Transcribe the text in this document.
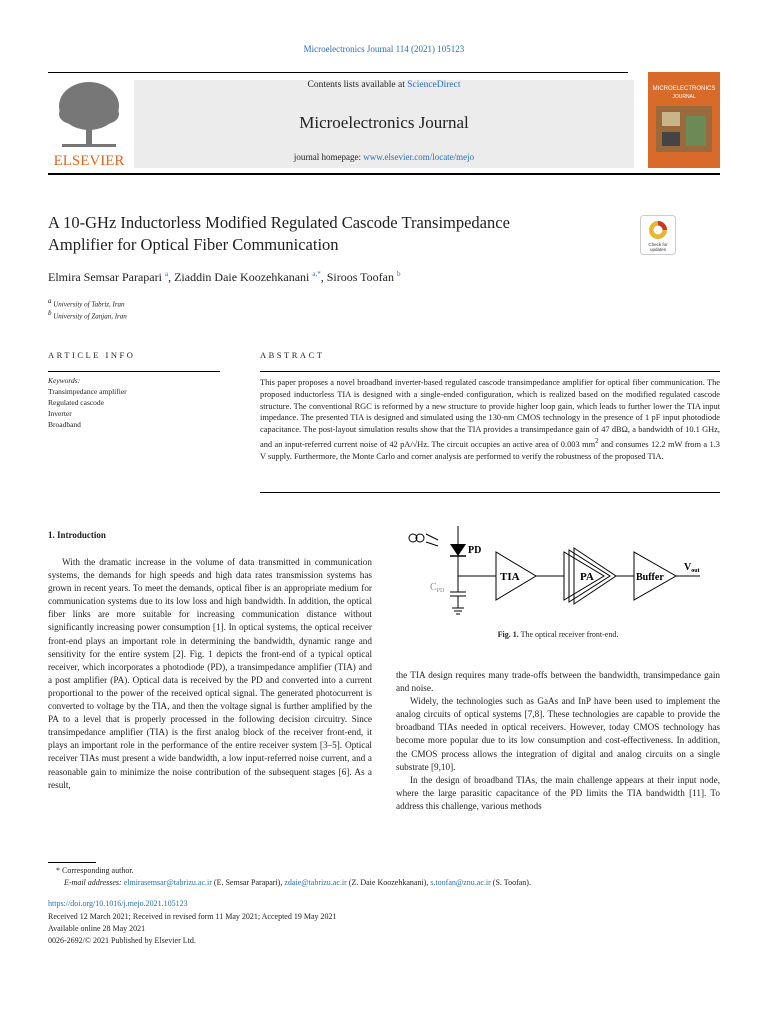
Microelectronics Journal 114 (2021) 105123
ELSEVIER
Contents lists available at ScienceDirect
Microelectronics Journal
journal homepage: www.elsevier.com/locate/mejo
MICROELECTRONICS
JOURNAL
A 10-GHz Inductorless Modified Regulated Cascode Transimpedance
Amplifier for Optical Fiber Communication	Check for
updates
Elmira Semsar Parapari $^a$, Ziaddin Daie Koozehkanani $^{a,*}$, Siroos Toofan $^b$
$^a$ University of Tabriz, Iran
$^b$ University of Zanjan, Iran
ARTICLE INFO	ABSTRACT
Keywords:
Transimpedance amplifier
Regulated cascode
Inverter
Broadband
This paper proposes a novel broadband inverter-based regulated cascode transimpedance amplifier for optical fiber communication. The proposed inductorless TIA is designed with a single-ended configuration, which is realized based on the modified regulated cascode structure. The conventional RGC is reformed by a new structure to provide higher loop gain, which leads to further lower the TIA input impedance. The presented TIA is designed and simulated using the 130-nm CMOS technology in the presence of 1 pF input photodiode capacitance. The post-layout simulation results show that the TIA provides a transimpedance gain of 47 dBΩ, a bandwidth of 10.1 GHz, and an input-referred current noise of 42 pA/√Hz. The circuit occupies an active area of 0.003 $mm^2$ and consumes 12.2 mW from a 1.3 V supply. Furthermore, the Monte Carlo and corner analysis are performed to verify the robustness of the proposed TIA.
1. Introduction
With the dramatic increase in the volume of data transmitted in communication systems, the demands for high speeds and high data rates transmission systems has grown in recent years. To meet the demands, optical fiber is an appropriate medium for communication systems due to its low loss and high bandwidth. In addition, the optical fiber links are more suitable for increasing communication distance without significantly increasing power consumption [1]. In optical systems, the optical receiver front-end plays an important role in determining the bandwidth, dynamic range and sensitivity for the entire system [2]. Fig. 1 depicts the front-end of a typical optical receiver, which incorporates a photodiode (PD), a transimpedance amplifier (TIA) and a post amplifier (PA). Optical data is received by the PD and converted into a current proportional to the power of the received optical signal. The generated photocurrent is converted to voltage by the TIA, and then the voltage signal is further amplified by the PA to a level that is properly processed in the following decision circuitry. Since transimpedance amplifier (TIA) is the first analog block of the receiver front-end, it plays an important role in the performance of the entire receiver system [3–5]. Optical receiver TIAs must present a wide bandwidth, a low input-referred noise current, and a reasonable gain to minimize the noise contribution of the subsequent stages [6]. As a result,
PD
$C_{PD}$
TIA	PA	Buffer
$V_{out}$
Fig. 1. The optical receiver front-end.
the TIA design requires many trade-offs between the bandwidth, transimpedance gain and noise.
Widely, the technologies such as GaAs and InP have been used to implement the analog circuits of optical systems [7,8]. These technologies are capable to provide the broadband TIAs needed in optical receivers. However, today CMOS technology has become more popular due to its low consumption and cost-effectiveness. In addition, the CMOS process allows the integration of digital and analog circuits on a single substrate [9,10].
In the design of broadband TIAs, the main challenge appears at their input node, where the large parasitic capacitance of the PD limits the TIA bandwidth [11]. To address this challenge, various methods
* Corresponding author.
E-mail addresses: elmirasemsar@tabrizu.ac.ir (E. Semsar Parapari), zdaie@tabrizu.ac.ir (Z. Daie Koozehkanani), s.toofan@znu.ac.ir (S. Toofan).
https://doi.org/10.1016/j.mejo.2021.105123
Received 12 March 2021; Received in revised form 11 May 2021; Accepted 19 May 2021
Available online 28 May 2021
0026-2692/© 2021 Published by Elsevier Ltd.
